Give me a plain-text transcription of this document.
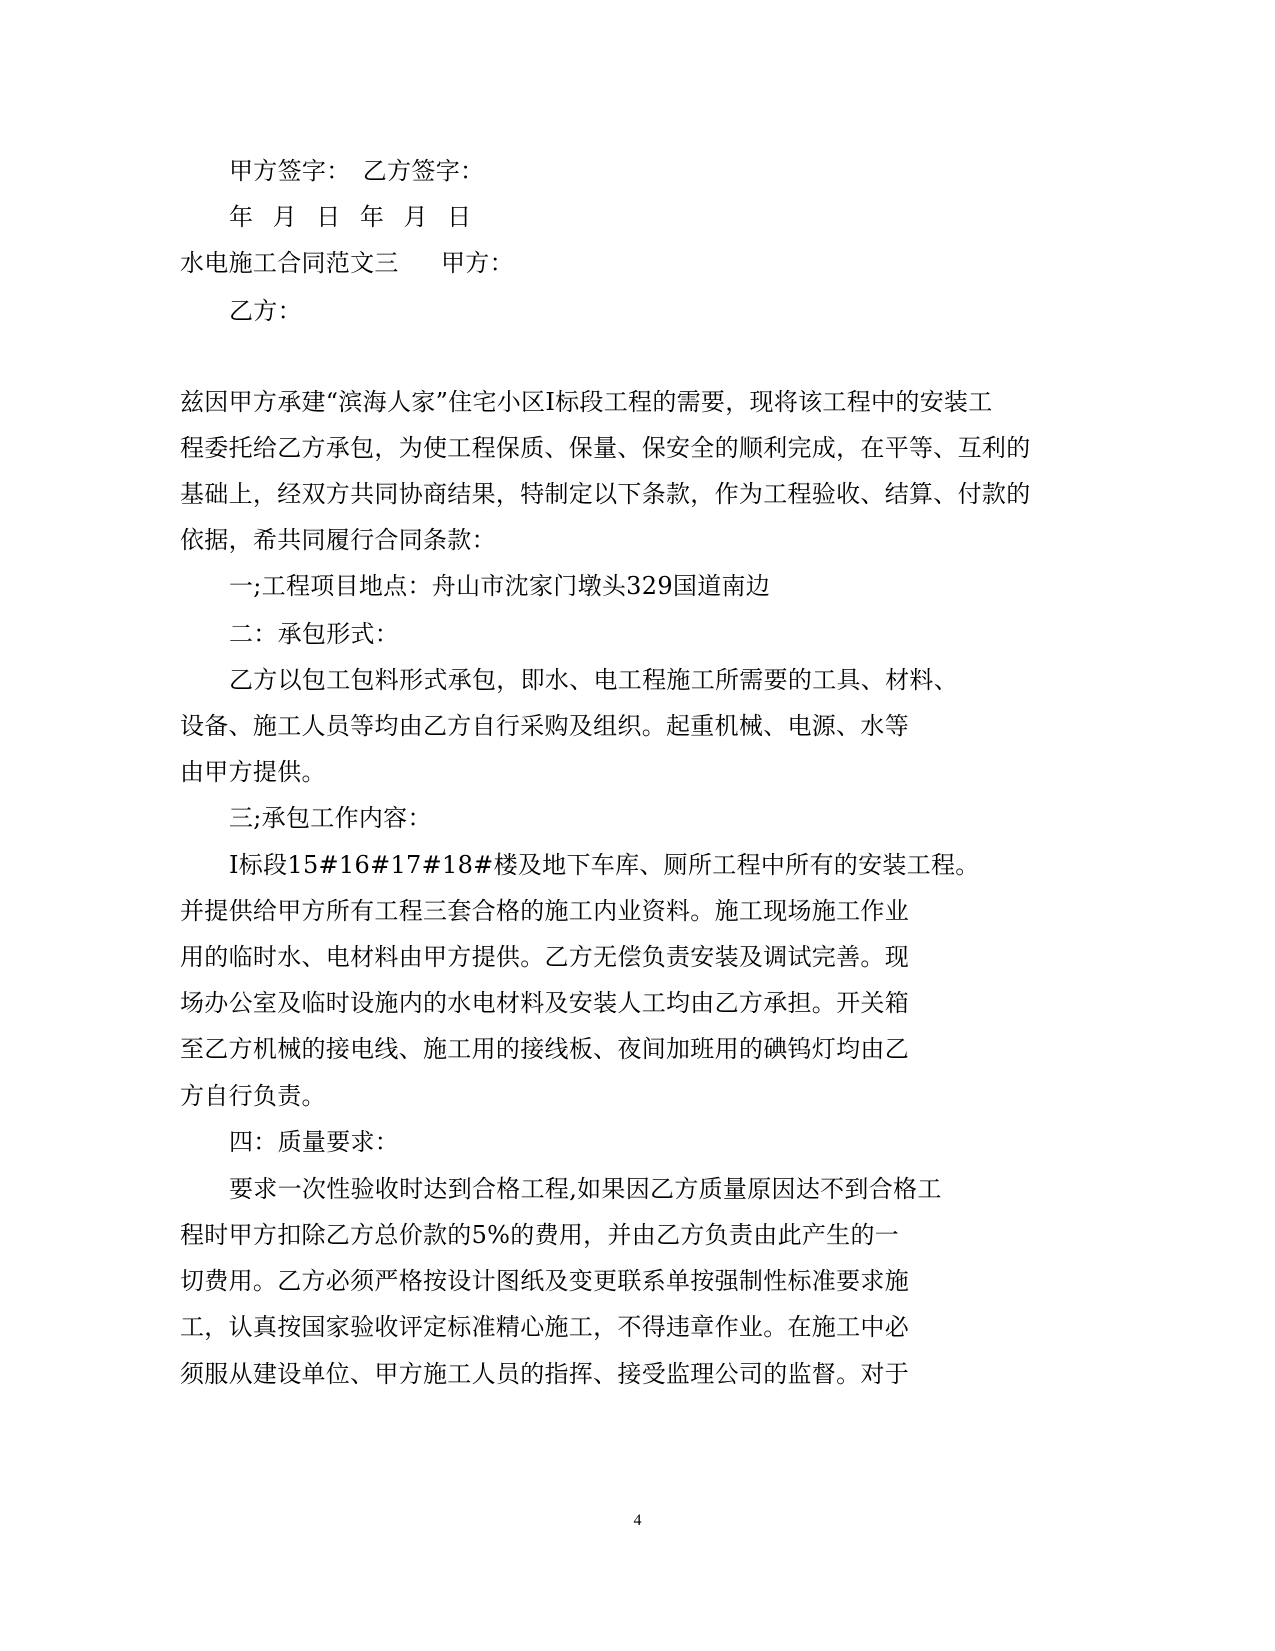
甲方签字：　乙方签字：

年 月 日 年 月 日

水电施工合同范文三 甲方：

乙方：

兹因甲方承建“滨海人家”住宅小区Ⅰ标段工程的需要，现将该工程中的安装工

程委托给乙方承包，为使工程保质、保量、保安全的顺利完成，在平等、互利的

基础上，经双方共同协商结果，特制定以下条款，作为工程验收、结算、付款的

依据，希共同履行合同条款：

一;工程项目地点：舟山市沈家门墩头329国道南边

二：承包形式：

乙方以包工包料形式承包，即水、电工程施工所需要的工具、材料、

设备、施工人员等均由乙方自行采购及组织。起重机械、电源、水等

由甲方提供。

三;承包工作内容：

Ⅰ标段15#16#17#18#楼及地下车库、厕所工程中所有的安装工程。

并提供给甲方所有工程三套合格的施工内业资料。施工现场施工作业

用的临时水、电材料由甲方提供。乙方无偿负责安装及调试完善。现

场办公室及临时设施内的水电材料及安装人工均由乙方承担。开关箱

至乙方机械的接电线、施工用的接线板、夜间加班用的碘钨灯均由乙

方自行负责。

四：质量要求：

要求一次性验收时达到合格工程,如果因乙方质量原因达不到合格工

程时甲方扣除乙方总价款的5%的费用，并由乙方负责由此产生的一

切费用。乙方必须严格按设计图纸及变更联系单按强制性标准要求施

工，认真按国家验收评定标准精心施工，不得违章作业。在施工中必

须服从建设单位、甲方施工人员的指挥、接受监理公司的监督。对于

4
